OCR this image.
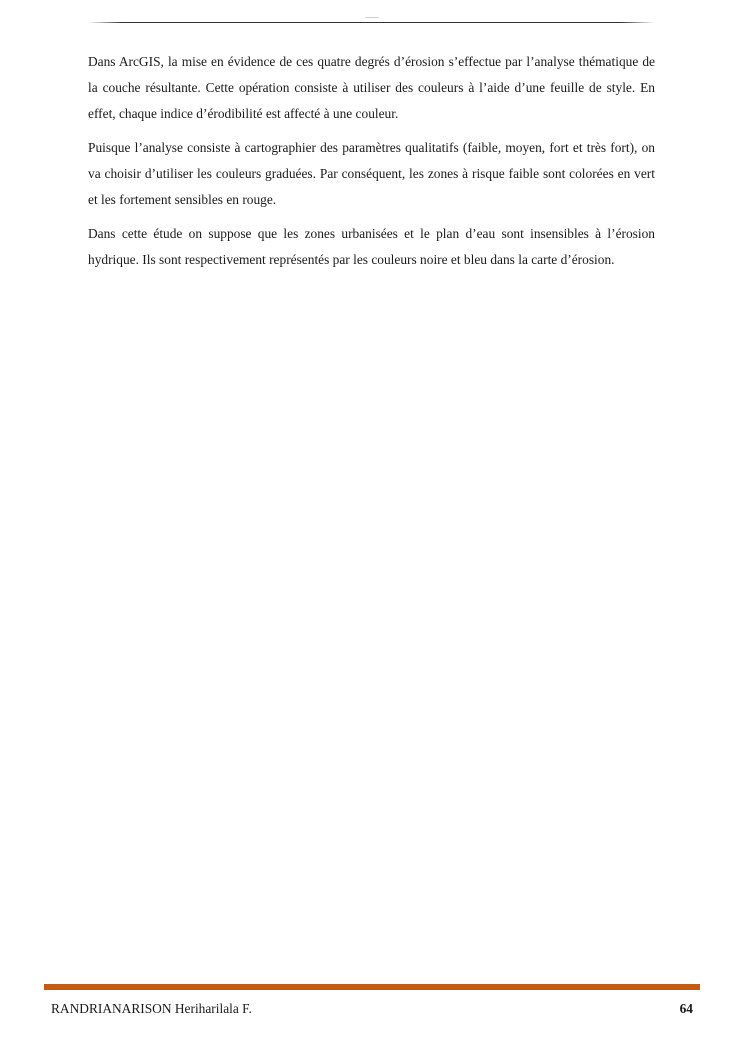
Dans ArcGIS, la mise en évidence de ces quatre degrés d’érosion s’effectue par l’analyse thématique de la couche résultante. Cette opération consiste à utiliser des couleurs à l’aide d’une feuille de style. En effet, chaque indice d’érodibilité est affecté à une couleur.

Puisque l’analyse consiste à cartographier des paramètres qualitatifs (faible, moyen, fort et très fort), on va choisir d’utiliser les couleurs graduées. Par conséquent, les zones à risque faible sont colorées en vert et les fortement sensibles en rouge.

Dans cette étude on suppose que les zones urbanisées et le plan d’eau sont insensibles à l’érosion hydrique. Ils sont respectivement représentés par les couleurs noire et bleu dans la carte d’érosion.

RANDRIANARISON Heriharilala F.	64
